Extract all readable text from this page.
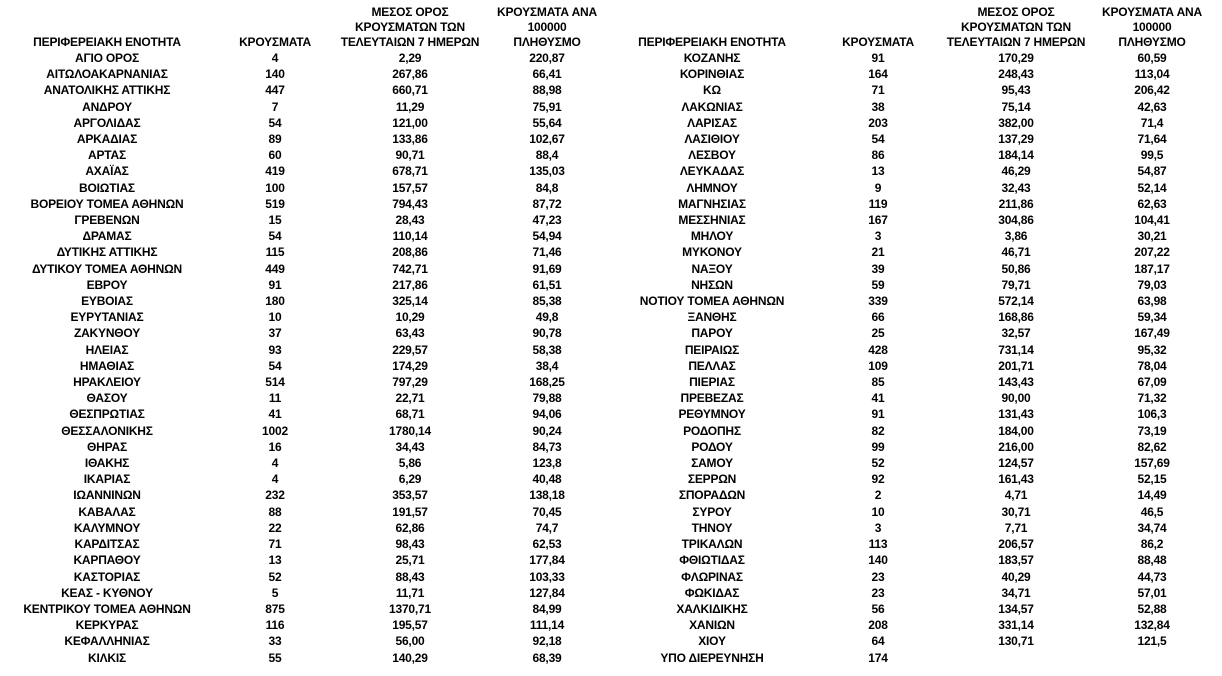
ΠΕΡΙΦΕΡΕΙΑΚΗ ΕΝΟΤΗΤΑ	ΚΡΟΥΣΜΑΤΑ	ΜΕΣΟΣ ΟΡΟΣ
ΚΡΟΥΣΜΑΤΩΝ ΤΩΝ
ΤΕΛΕΥΤΑΙΩΝ 7 ΗΜΕΡΩΝ	ΚΡΟΥΣΜΑΤΑ ΑΝΑ 100000
ΠΛΗΘΥΣΜΟ	ΠΕΡΙΦΕΡΕΙΑΚΗ ΕΝΟΤΗΤΑ	ΚΡΟΥΣΜΑΤΑ	ΜΕΣΟΣ ΟΡΟΣ
ΚΡΟΥΣΜΑΤΩΝ ΤΩΝ
ΤΕΛΕΥΤΑΙΩΝ 7 ΗΜΕΡΩΝ	ΚΡΟΥΣΜΑΤΑ ΑΝΑ 100000
ΠΛΗΘΥΣΜΟ

ΑΓΙΟ ΟΡΟΣ	4	2,29	220,87	ΚΟΖΑΝΗΣ	91	170,29	60,59
ΑΙΤΩΛΟΑΚΑΡΝΑΝΙΑΣ	140	267,86	66,41	ΚΟΡΙΝΘΙΑΣ	164	248,43	113,04
ΑΝΑΤΟΛΙΚΗΣ ΑΤΤΙΚΗΣ	447	660,71	88,98	ΚΩ	71	95,43	206,42
ΑΝΔΡΟΥ	7	11,29	75,91	ΛΑΚΩΝΙΑΣ	38	75,14	42,63
ΑΡΓΟΛΙΔΑΣ	54	121,00	55,64	ΛΑΡΙΣΑΣ	203	382,00	71,4
ΑΡΚΑΔΙΑΣ	89	133,86	102,67	ΛΑΣΙΘΙΟΥ	54	137,29	71,64
ΑΡΤΑΣ	60	90,71	88,4	ΛΕΣΒΟΥ	86	184,14	99,5
ΑΧΑΪΑΣ	419	678,71	135,03	ΛΕΥΚΑΔΑΣ	13	46,29	54,87
ΒΟΙΩΤΙΑΣ	100	157,57	84,8	ΛΗΜΝΟΥ	9	32,43	52,14
ΒΟΡΕΙΟΥ ΤΟΜΕΑ ΑΘΗΝΩΝ	519	794,43	87,72	ΜΑΓΝΗΣΙΑΣ	119	211,86	62,63
ΓΡΕΒΕΝΩΝ	15	28,43	47,23	ΜΕΣΣΗΝΙΑΣ	167	304,86	104,41
ΔΡΑΜΑΣ	54	110,14	54,94	ΜΗΛΟΥ	3	3,86	30,21
ΔΥΤΙΚΗΣ ΑΤΤΙΚΗΣ	115	208,86	71,46	ΜΥΚΟΝΟΥ	21	46,71	207,22
ΔΥΤΙΚΟΥ ΤΟΜΕΑ ΑΘΗΝΩΝ	449	742,71	91,69	ΝΑΞΟΥ	39	50,86	187,17
ΕΒΡΟΥ	91	217,86	61,51	ΝΗΣΩΝ	59	79,71	79,03
ΕΥΒΟΙΑΣ	180	325,14	85,38	ΝΟΤΙΟΥ ΤΟΜΕΑ ΑΘΗΝΩΝ	339	572,14	63,98
ΕΥΡΥΤΑΝΙΑΣ	10	10,29	49,8	ΞΑΝΘΗΣ	66	168,86	59,34
ΖΑΚΥΝΘΟΥ	37	63,43	90,78	ΠΑΡΟΥ	25	32,57	167,49
ΗΛΕΙΑΣ	93	229,57	58,38	ΠΕΙΡΑΙΩΣ	428	731,14	95,32
ΗΜΑΘΙΑΣ	54	174,29	38,4	ΠΕΛΛΑΣ	109	201,71	78,04
ΗΡΑΚΛΕΙΟΥ	514	797,29	168,25	ΠΙΕΡΙΑΣ	85	143,43	67,09
ΘΑΣΟΥ	11	22,71	79,88	ΠΡΕΒΕΖΑΣ	41	90,00	71,32
ΘΕΣΠΡΩΤΙΑΣ	41	68,71	94,06	ΡΕΘΥΜΝΟΥ	91	131,43	106,3
ΘΕΣΣΑΛΟΝΙΚΗΣ	1002	1780,14	90,24	ΡΟΔΟΠΗΣ	82	184,00	73,19
ΘΗΡΑΣ	16	34,43	84,73	ΡΟΔΟΥ	99	216,00	82,62
ΙΘΑΚΗΣ	4	5,86	123,8	ΣΑΜΟΥ	52	124,57	157,69
ΙΚΑΡΙΑΣ	4	6,29	40,48	ΣΕΡΡΩΝ	92	161,43	52,15
ΙΩΑΝΝΙΝΩΝ	232	353,57	138,18	ΣΠΟΡΑΔΩΝ	2	4,71	14,49
ΚΑΒΑΛΑΣ	88	191,57	70,45	ΣΥΡΟΥ	10	30,71	46,5
ΚΑΛΥΜΝΟΥ	22	62,86	74,7	ΤΗΝΟΥ	3	7,71	34,74
ΚΑΡΔΙΤΣΑΣ	71	98,43	62,53	ΤΡΙΚΑΛΩΝ	113	206,57	86,2
ΚΑΡΠΑΘΟΥ	13	25,71	177,84	ΦΘΙΩΤΙΔΑΣ	140	183,57	88,48
ΚΑΣΤΟΡΙΑΣ	52	88,43	103,33	ΦΛΩΡΙΝΑΣ	23	40,29	44,73
ΚΕΑΣ - ΚΥΘΝΟΥ	5	11,71	127,84	ΦΩΚΙΔΑΣ	23	34,71	57,01
ΚΕΝΤΡΙΚΟΥ ΤΟΜΕΑ ΑΘΗΝΩΝ	875	1370,71	84,99	ΧΑΛΚΙΔΙΚΗΣ	56	134,57	52,88
ΚΕΡΚΥΡΑΣ	116	195,57	111,14	ΧΑΝΙΩΝ	208	331,14	132,84
ΚΕΦΑΛΛΗΝΙΑΣ	33	56,00	92,18	ΧΙΟΥ	64	130,71	121,5
ΚΙΛΚΙΣ	55	140,29	68,39	ΥΠΟ ΔΙΕΡΕΥΝΗΣΗ	174		
